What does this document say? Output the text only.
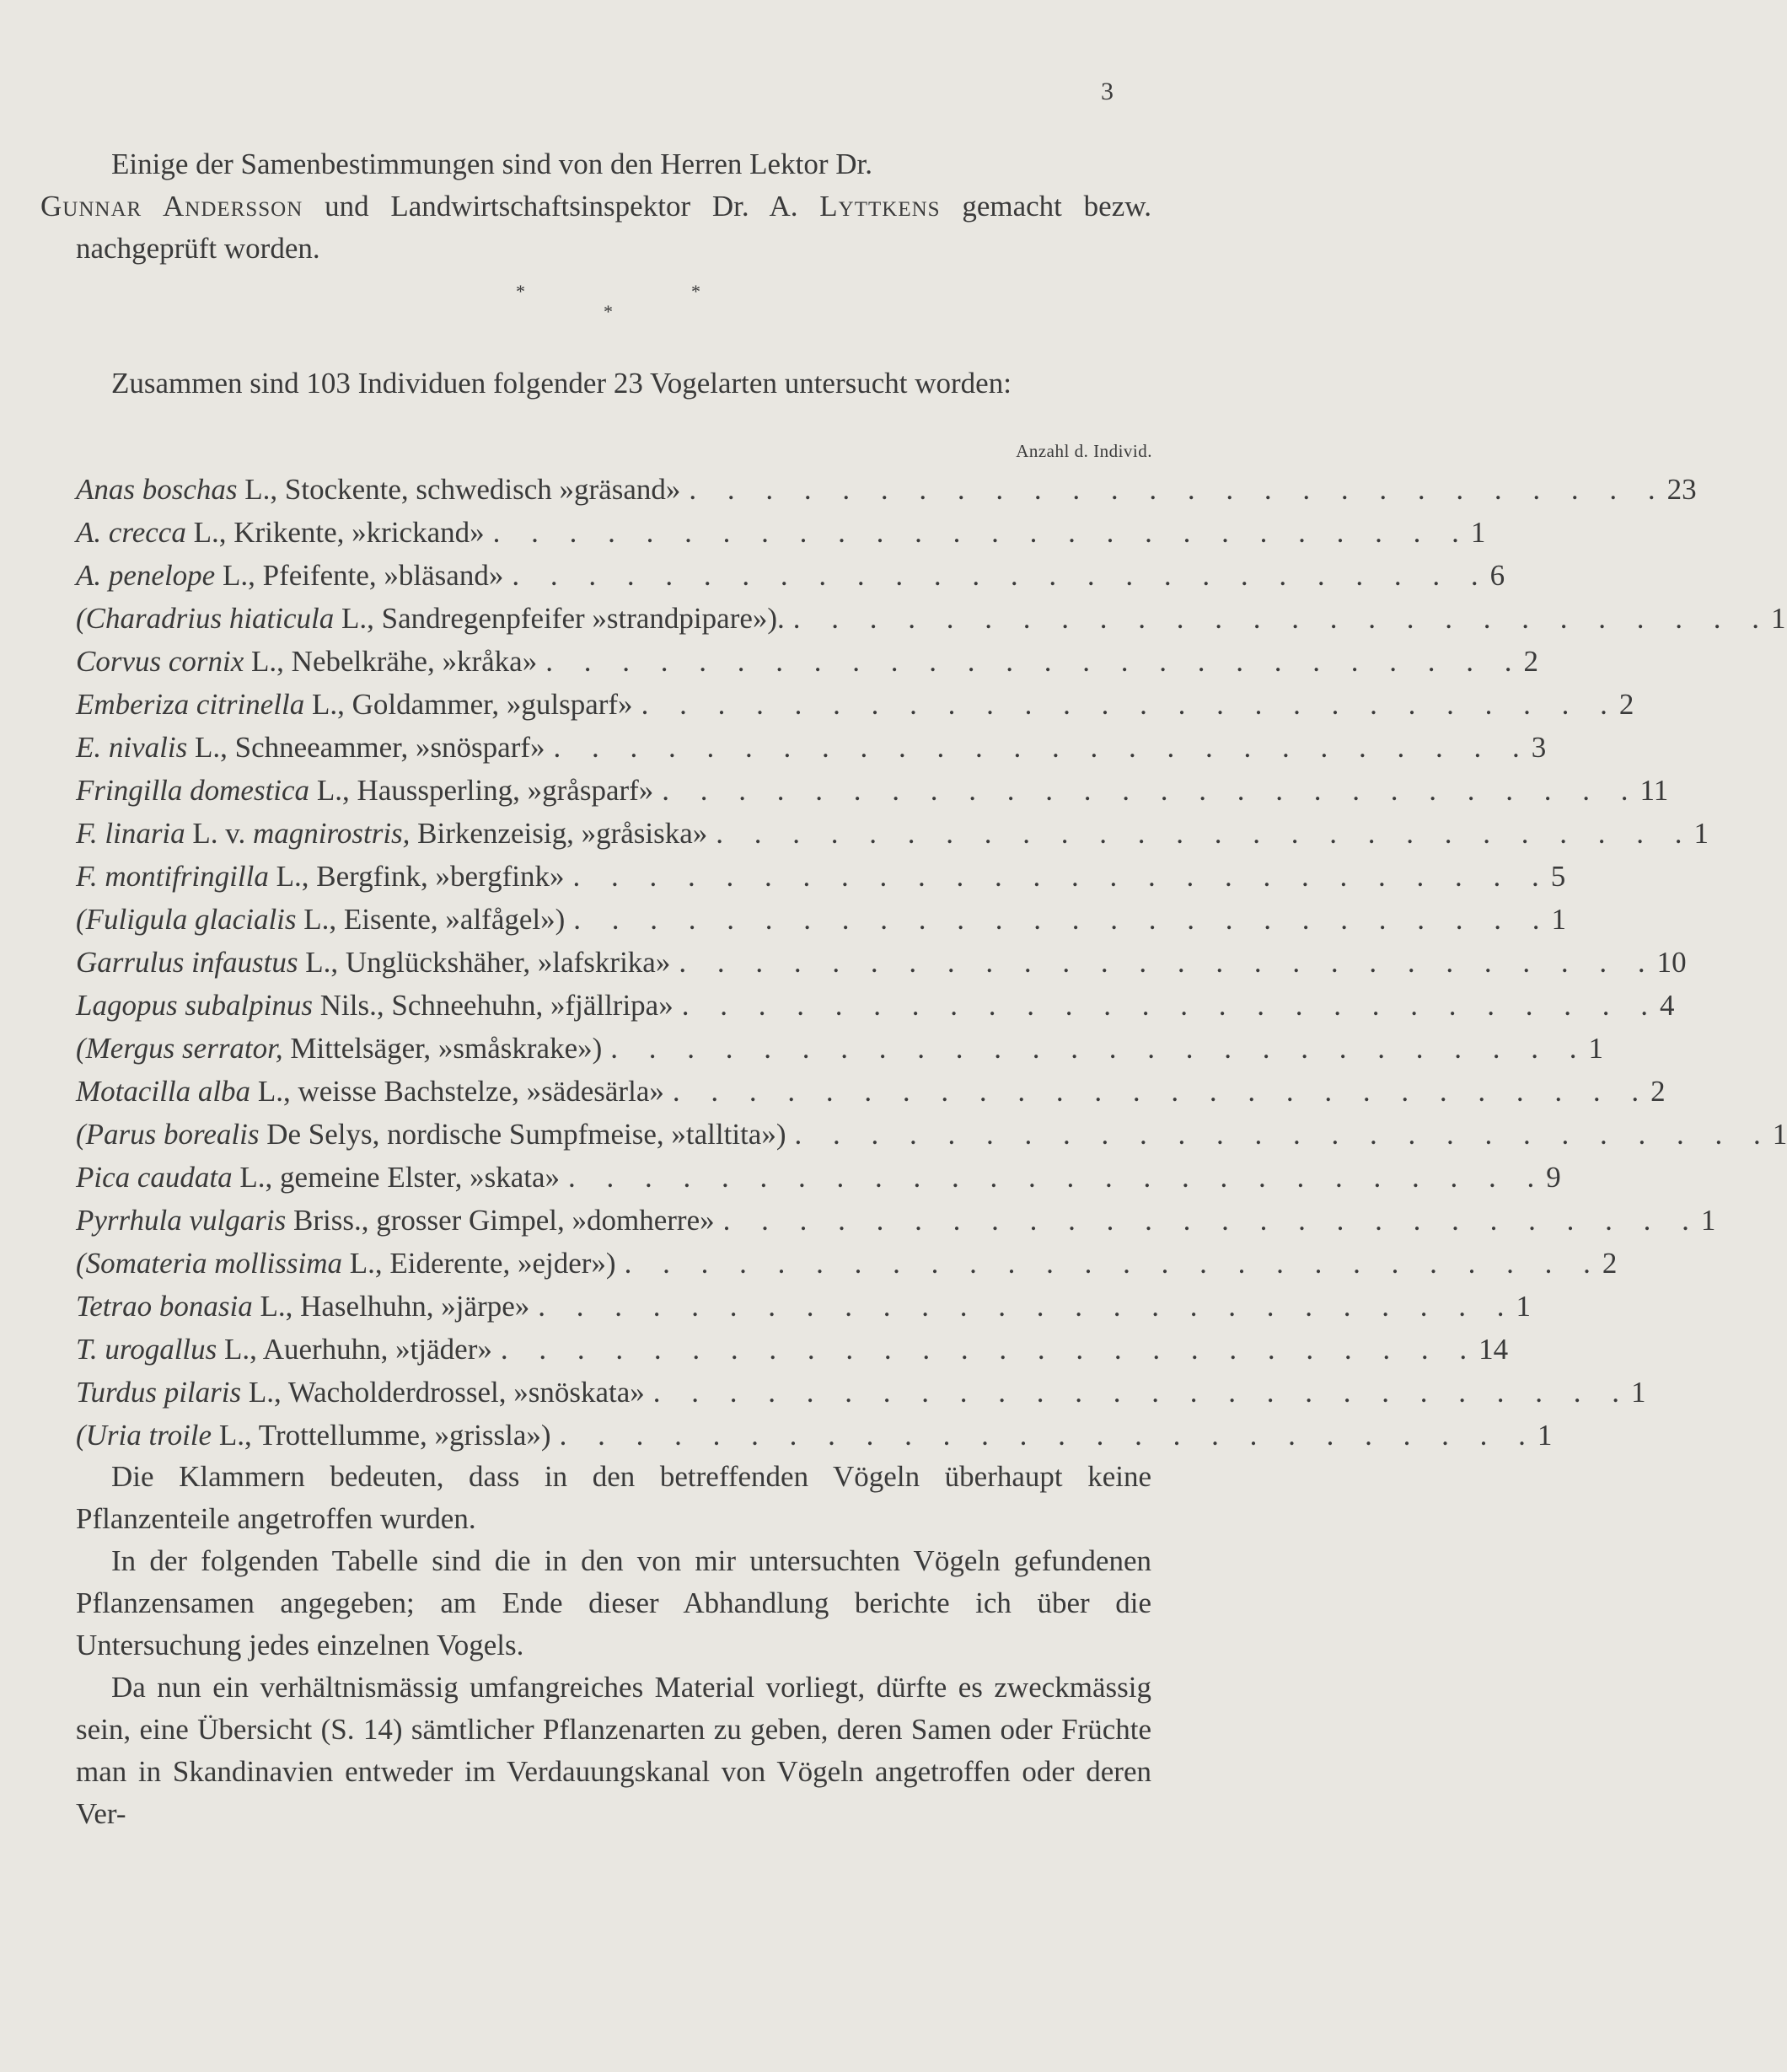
3

Einige der Samenbestimmungen sind von den Herren Lektor Dr.
Gunnar Andersson und Landwirtschaftsinspektor Dr. A. Lyttkens gemacht bezw. nachgeprüft worden.

*	*
*

Zusammen sind 103 Individuen folgender 23 Vogelarten untersucht worden:

Anzahl d. Individ.
Anas boschas L., Stockente, schwedisch »gräsand» . . . . . . . . . . . . . . . . . . . . . . . . . . 23
A. crecca L., Krikente, »krickand» . . . . . . . . . . . . . . . . . . . . . . . . . . 1
A. penelope L., Pfeifente, »bläsand» . . . . . . . . . . . . . . . . . . . . . . . . . . 6
(Charadrius hiaticula L., Sandregenpfeifer »strandpipare»). . . . . . . . . . . . . . . . . . . . . . . . . . . 1
Corvus cornix L., Nebelkrähe, »kråka» . . . . . . . . . . . . . . . . . . . . . . . . . . 2
Emberiza citrinella L., Goldammer, »gulsparf» . . . . . . . . . . . . . . . . . . . . . . . . . . 2
E. nivalis L., Schneeammer, »snösparf» . . . . . . . . . . . . . . . . . . . . . . . . . . 3
Fringilla domestica L., Haussperling, »gråsparf» . . . . . . . . . . . . . . . . . . . . . . . . . . 11
F. linaria L. v. magnirostris, Birkenzeisig, »gråsiska» . . . . . . . . . . . . . . . . . . . . . . . . . . 1
F. montifringilla L., Bergfink, »bergfink» . . . . . . . . . . . . . . . . . . . . . . . . . . 5
(Fuligula glacialis L., Eisente, »alfågel») . . . . . . . . . . . . . . . . . . . . . . . . . . 1
Garrulus infaustus L., Unglückshäher, »lafskrika» . . . . . . . . . . . . . . . . . . . . . . . . . . 10
Lagopus subalpinus Nils., Schneehuhn, »fjällripa» . . . . . . . . . . . . . . . . . . . . . . . . . . 4
(Mergus serrator, Mittelsäger, »småskrake») . . . . . . . . . . . . . . . . . . . . . . . . . . 1
Motacilla alba L., weisse Bachstelze, »sädesärla» . . . . . . . . . . . . . . . . . . . . . . . . . . 2
(Parus borealis De Selys, nordische Sumpfmeise, »talltita») . . . . . . . . . . . . . . . . . . . . . . . . . . 1
Pica caudata L., gemeine Elster, »skata» . . . . . . . . . . . . . . . . . . . . . . . . . . 9
Pyrrhula vulgaris Briss., grosser Gimpel, »domherre» . . . . . . . . . . . . . . . . . . . . . . . . . . 1
(Somateria mollissima L., Eiderente, »ejder») . . . . . . . . . . . . . . . . . . . . . . . . . . 2
Tetrao bonasia L., Haselhuhn, »järpe» . . . . . . . . . . . . . . . . . . . . . . . . . . 1
T. urogallus L., Auerhuhn, »tjäder» . . . . . . . . . . . . . . . . . . . . . . . . . . 14
Turdus pilaris L., Wacholderdrossel, »snöskata» . . . . . . . . . . . . . . . . . . . . . . . . . . 1
(Uria troile L., Trottellumme, »grissla») . . . . . . . . . . . . . . . . . . . . . . . . . . 1

Die Klammern bedeuten, dass in den betreffenden Vögeln überhaupt keine Pflanzenteile angetroffen wurden.

In der folgenden Tabelle sind die in den von mir untersuchten Vögeln gefundenen Pflanzensamen angegeben; am Ende dieser Abhandlung berichte ich über die Untersuchung jedes einzelnen Vogels.

Da nun ein verhältnismässig umfangreiches Material vorliegt, dürfte es zweckmässig sein, eine Übersicht (S. 14) sämtlicher Pflanzenarten zu geben, deren Samen oder Früchte man in Skandinavien entweder im Verdauungskanal von Vögeln angetroffen oder deren Ver-
